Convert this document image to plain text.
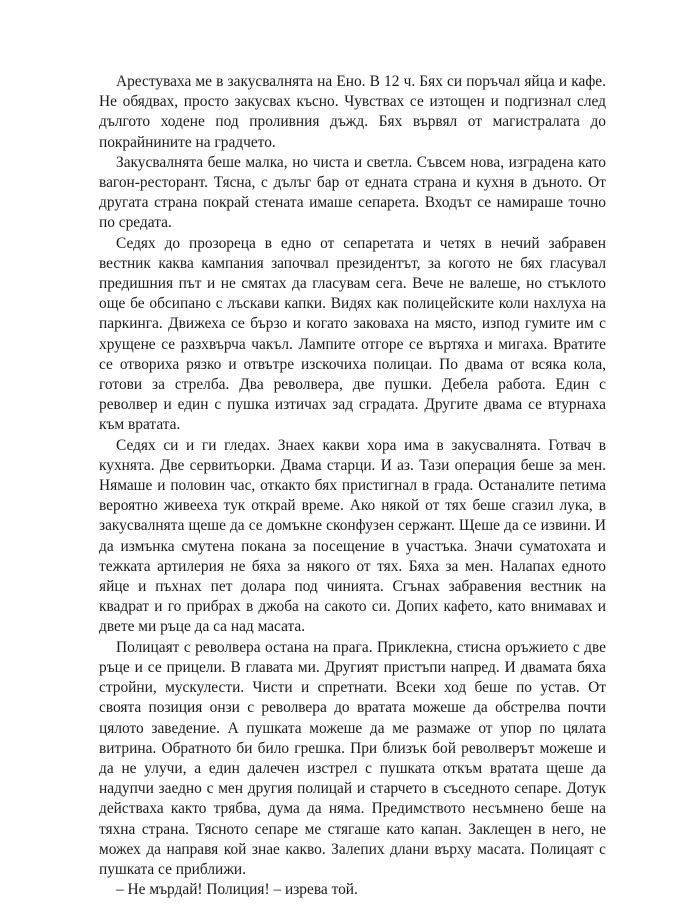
Арестуваха ме в закусвалнята на Ено. В 12 ч. Бях си поръчал яйца и кафе. Не обядвах, просто закусвах късно. Чувствах се изтощен и подгизнал след дългото ходене под проливния дъжд. Бях вървял от магистралата до покрайнините на градчето.

Закусвалнята беше малка, но чиста и светла. Съвсем нова, изградена като вагон-ресторант. Тясна, с дълъг бар от едната страна и кухня в дъното. От другата страна покрай стената имаше сепарета. Входът се намираше точно по средата.

Седях до прозореца в едно от сепаретата и четях в нечий забравен вестник каква кампания започвал президентът, за когото не бях гласувал предишния път и не смятах да гласувам сега. Вече не валеше, но стъклото още бе обсипано с лъскави капки. Видях как полицейските коли нахлуха на паркинга. Движеха се бързо и когато заковаха на място, изпод гумите им с хрущене се разхвърча чакъл. Лампите отгоре се въртяха и мигаха. Вратите се отвориха рязко и отвътре изскочиха полицаи. По двама от всяка кола, готови за стрелба. Два револвера, две пушки. Дебела работа. Един с револвер и един с пушка изтичах зад сградата. Другите двама се втурнаха към вратата.

Седях си и ги гледах. Знаех какви хора има в закусвалнята. Готвач в кухнята. Две сервитьорки. Двама старци. И аз. Тази операция беше за мен. Нямаше и половин час, откакто бях пристигнал в града. Останалите петима вероятно живееха тук открай време. Ако някой от тях беше сгазил лука, в закусвалнята щеше да се домъкне сконфузен сержант. Щеше да се извини. И да измънка смутена покана за посещение в участъка. Значи суматохата и тежката артилерия не бяха за някого от тях. Бяха за мен. Налапах едното яйце и пъхнах пет долара под чинията. Сгънах забравения вестник на квадрат и го прибрах в джоба на сакото си. Допих кафето, като внимавах и двете ми ръце да са над масата.

Полицаят с револвера остана на прага. Приклекна, стисна оръжието с две ръце и се прицели. В главата ми. Другият пристъпи напред. И двамата бяха стройни, мускулести. Чисти и спретнати. Всеки ход беше по устав. От своята позиция онзи с револвера до вратата можеше да обстрелва почти цялото заведение. А пушката можеше да ме размаже от упор по цялата витрина. Обратното би било грешка. При близък бой револверът можеше и да не улучи, а един далечен изстрел с пушката откъм вратата щеше да надупчи заедно с мен другия полицай и старчето в съседното сепаре. Дотук действаха както трябва, дума да няма. Предимството несъмнено беше на тяхна страна. Тясното сепаре ме стягаше като капан. Заклещен в него, не можех да направя кой знае какво. Залепих длани върху масата. Полицаят с пушката се приближи.

– Не мърдай! Полиция! – изрева той.
